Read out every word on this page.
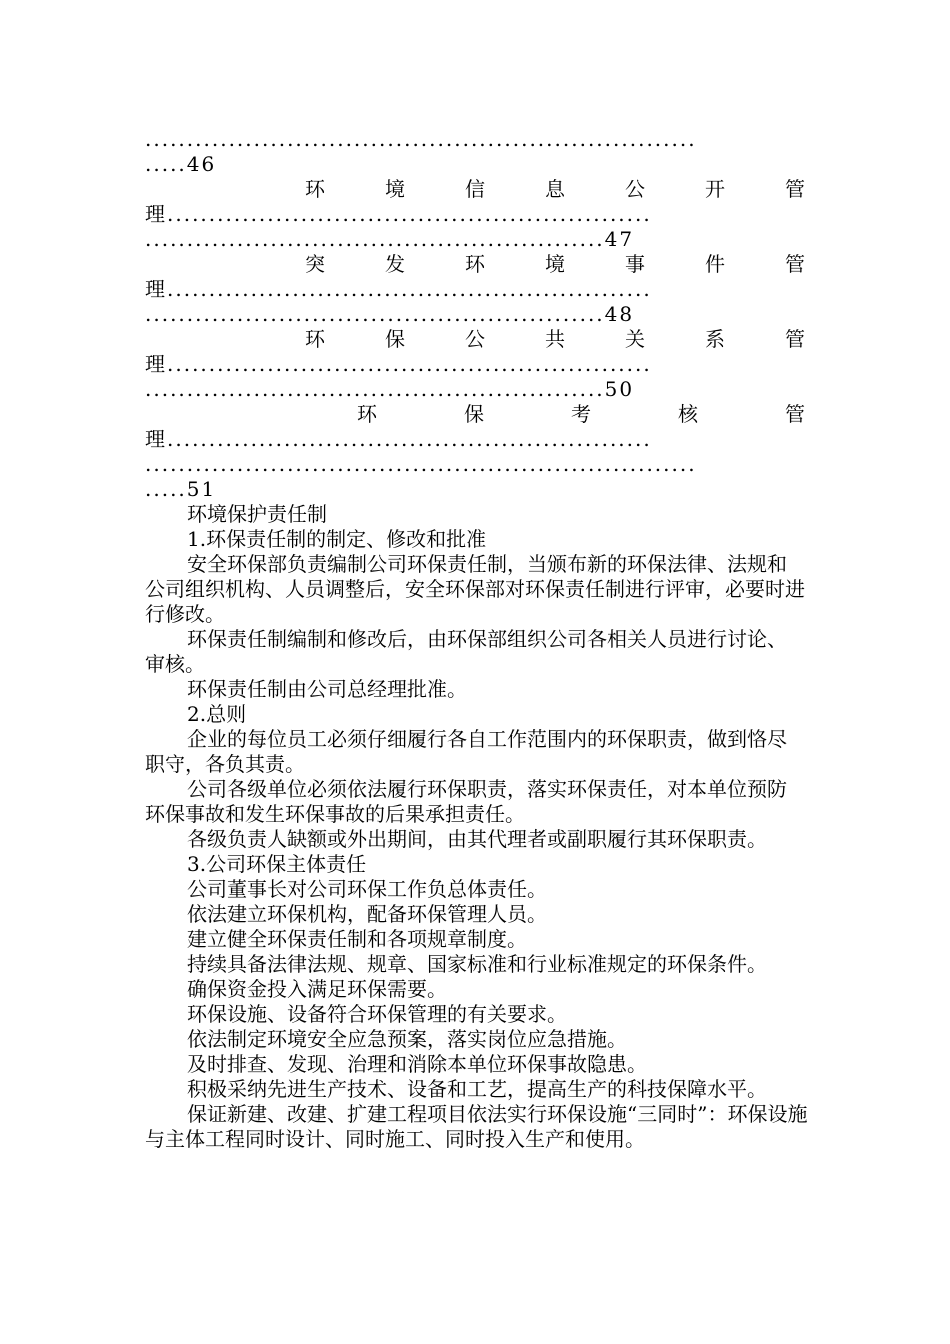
..................................................................
.....46
环	境	信	息	公	开	管
理..........................................................
.......................................................47
突	发	环	境	事	件	管
理..........................................................
.......................................................48
环	保	公	共	关	系	管
理..........................................................
.......................................................50
环	保	考	核	管
理..........................................................
..................................................................
.....51
环境保护责任制
1.环保责任制的制定、修改和批准
安全环保部负责编制公司环保责任制，当颁布新的环保法律、法规和公司组织机构、人员调整后，安全环保部对环保责任制进行评审，必要时进行修改。
环保责任制编制和修改后，由环保部组织公司各相关人员进行讨论、审核。
环保责任制由公司总经理批准。
2.总则
企业的每位员工必须仔细履行各自工作范围内的环保职责，做到恪尽职守，各负其责。
公司各级单位必须依法履行环保职责，落实环保责任，对本单位预防环保事故和发生环保事故的后果承担责任。
各级负责人缺额或外出期间，由其代理者或副职履行其环保职责。
3.公司环保主体责任
公司董事长对公司环保工作负总体责任。
依法建立环保机构，配备环保管理人员。
建立健全环保责任制和各项规章制度。
持续具备法律法规、规章、国家标准和行业标准规定的环保条件。
确保资金投入满足环保需要。
环保设施、设备符合环保管理的有关要求。
依法制定环境安全应急预案，落实岗位应急措施。
及时排查、发现、治理和消除本单位环保事故隐患。
积极采纳先进生产技术、设备和工艺，提高生产的科技保障水平。
保证新建、改建、扩建工程项目依法实行环保设施“三同时”：环保设施与主体工程同时设计、同时施工、同时投入生产和使用。
